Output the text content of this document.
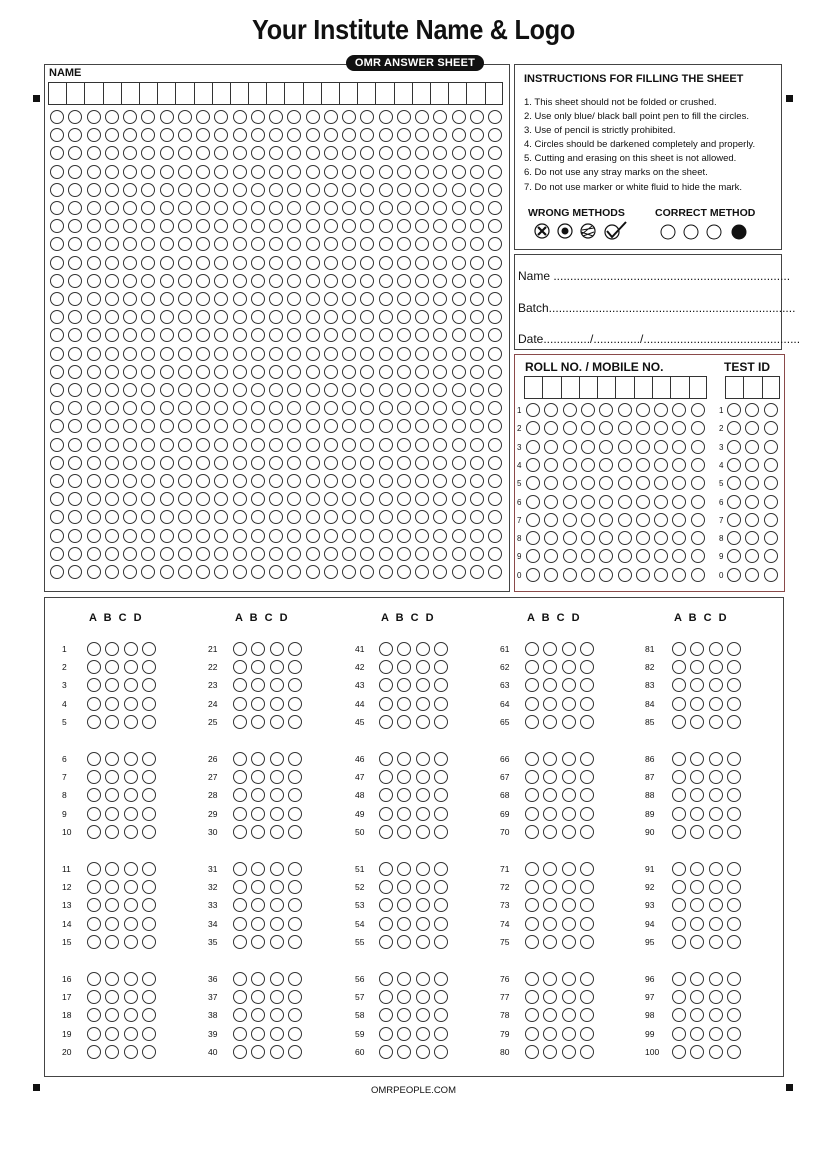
Your Institute Name & Logo
OMR ANSWER SHEET
NAME	INSTRUCTIONS FOR FILLING THE SHEET
1. This sheet should not be folded or crushed.
2. Use only blue/ black ball point pen to fill the circles.
3. Use of pencil is strictly prohibited.
4. Circles should be darkened completely and properly.
5. Cutting and erasing on this sheet is not allowed.
6. Do not use any stray marks on the sheet.
7. Do not use marker or white fluid to hide the mark.
WRONG METHODS	CORRECT METHOD
Name .......................................................................
Batch..........................................................................
Date............../............../...............................................
ROLL NO. / MOBILE NO.	TEST ID
1	1
2	2
3	3
4	4
5	5
6	6
7	7
8	8
9	9
0	0
A B C D
1
2
3
4
5
6
7
8
9
10
11
12
13
14
15
16
17
18
19
20
A B C D
21
22
23
24
25
26
27
28
29
30
31
32
33
34
35
36
37
38
39
40
A B C D
41
42
43
44
45
46
47
48
49
50
51
52
53
54
55
56
57
58
59
60
A B C D
61
62
63
64
65
66
67
68
69
70
71
72
73
74
75
76
77
78
79
80
A B C D
81
82
83
84
85
86
87
88
89
90
91
92
93
94
95
96
97
98
99
100
OMRPEOPLE.COM
